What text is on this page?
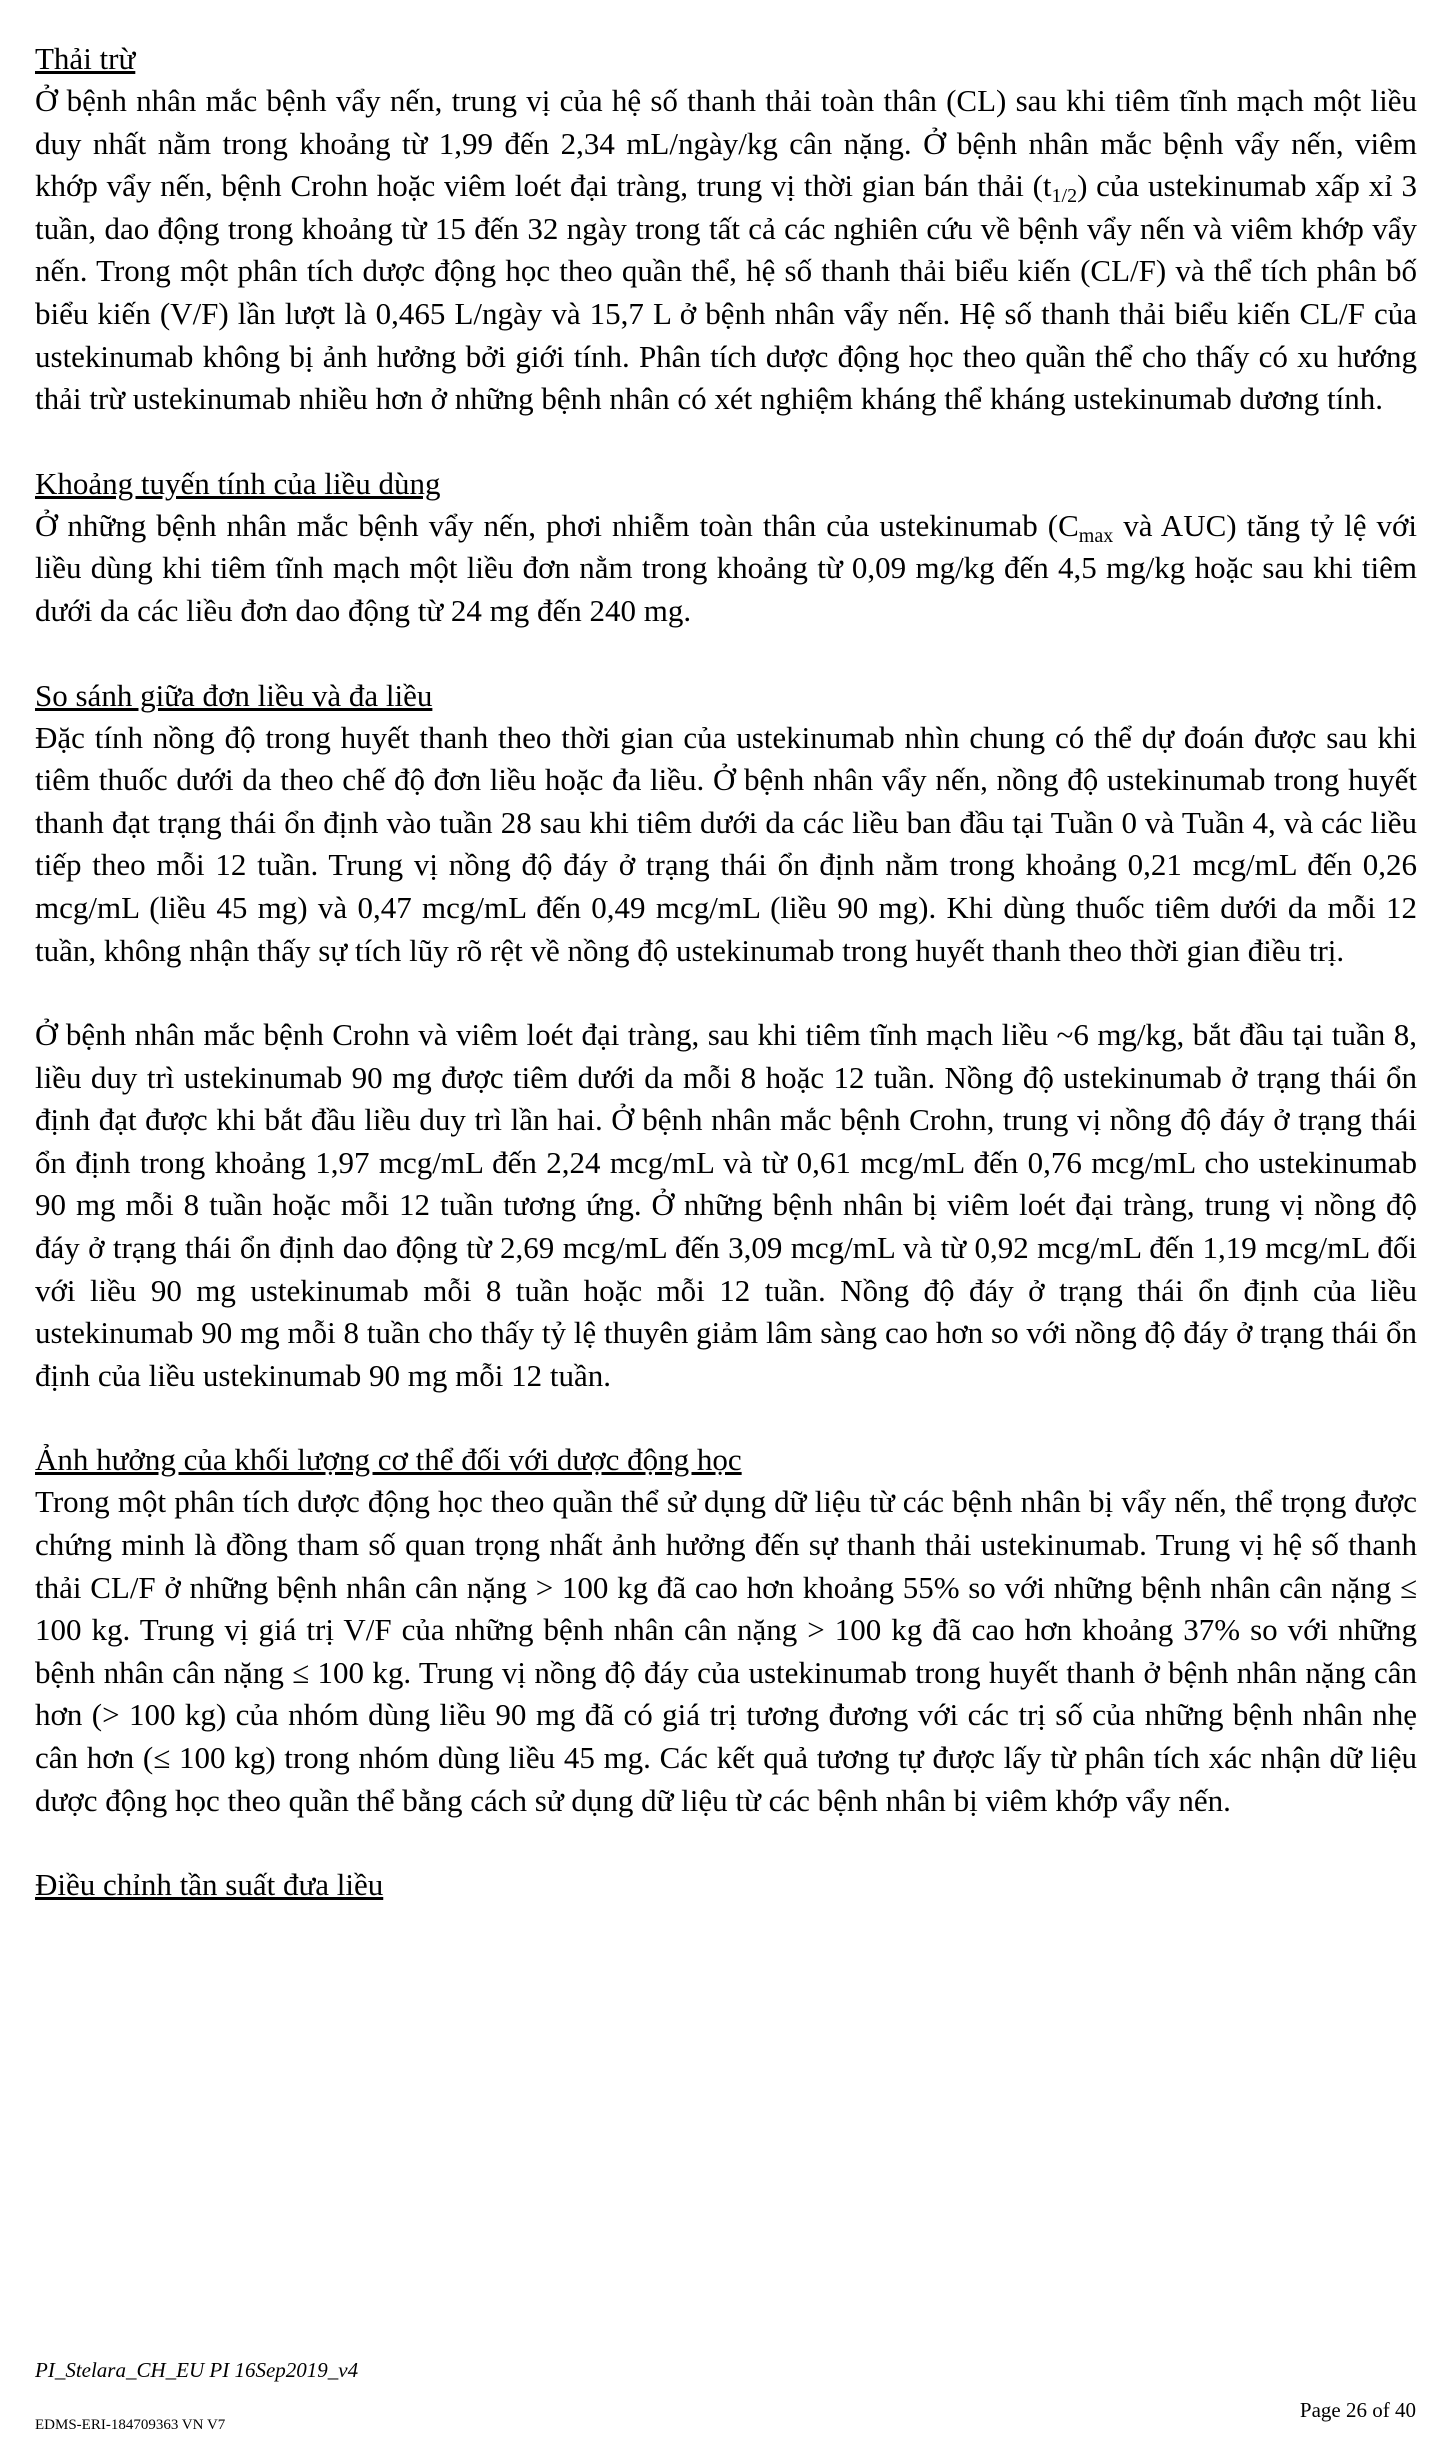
Thải trừ

Ở bệnh nhân mắc bệnh vẩy nến, trung vị của hệ số thanh thải toàn thân (CL) sau khi tiêm tĩnh mạch một liều duy nhất nằm trong khoảng từ 1,99 đến 2,34 mL/ngày/kg cân nặng. Ở bệnh nhân mắc bệnh vẩy nến, viêm khớp vẩy nến, bệnh Crohn hoặc viêm loét đại tràng, trung vị thời gian bán thải $(t_{1/2})$ của ustekinumab xấp xỉ 3 tuần, dao động trong khoảng từ 15 đến 32 ngày trong tất cả các nghiên cứu về bệnh vẩy nến và viêm khớp vẩy nến. Trong một phân tích dược động học theo quần thể, hệ số thanh thải biểu kiến (CL/F) và thể tích phân bố biểu kiến (V/F) lần lượt là 0,465 L/ngày và 15,7 L ở bệnh nhân vẩy nến. Hệ số thanh thải biểu kiến CL/F của ustekinumab không bị ảnh hưởng bởi giới tính. Phân tích dược động học theo quần thể cho thấy có xu hướng thải trừ ustekinumab nhiều hơn ở những bệnh nhân có xét nghiệm kháng thể kháng ustekinumab dương tính.

Khoảng tuyến tính của liều dùng

Ở những bệnh nhân mắc bệnh vẩy nến, phơi nhiễm toàn thân của ustekinumab ($C_{max}$ và AUC) tăng tỷ lệ với liều dùng khi tiêm tĩnh mạch một liều đơn nằm trong khoảng từ 0,09 mg/kg đến 4,5 mg/kg hoặc sau khi tiêm dưới da các liều đơn dao động từ 24 mg đến 240 mg.

So sánh giữa đơn liều và đa liều

Đặc tính nồng độ trong huyết thanh theo thời gian của ustekinumab nhìn chung có thể dự đoán được sau khi tiêm thuốc dưới da theo chế độ đơn liều hoặc đa liều. Ở bệnh nhân vẩy nến, nồng độ ustekinumab trong huyết thanh đạt trạng thái ổn định vào tuần 28 sau khi tiêm dưới da các liều ban đầu tại Tuần 0 và Tuần 4, và các liều tiếp theo mỗi 12 tuần. Trung vị nồng độ đáy ở trạng thái ổn định nằm trong khoảng 0,21 mcg/mL đến 0,26 mcg/mL (liều 45 mg) và 0,47 mcg/mL đến 0,49 mcg/mL (liều 90 mg). Khi dùng thuốc tiêm dưới da mỗi 12 tuần, không nhận thấy sự tích lũy rõ rệt về nồng độ ustekinumab trong huyết thanh theo thời gian điều trị.

Ở bệnh nhân mắc bệnh Crohn và viêm loét đại tràng, sau khi tiêm tĩnh mạch liều ~6 mg/kg, bắt đầu tại tuần 8, liều duy trì ustekinumab 90 mg được tiêm dưới da mỗi 8 hoặc 12 tuần. Nồng độ ustekinumab ở trạng thái ổn định đạt được khi bắt đầu liều duy trì lần hai. Ở bệnh nhân mắc bệnh Crohn, trung vị nồng độ đáy ở trạng thái ổn định trong khoảng 1,97 mcg/mL đến 2,24 mcg/mL và từ 0,61 mcg/mL đến 0,76 mcg/mL cho ustekinumab 90 mg mỗi 8 tuần hoặc mỗi 12 tuần tương ứng. Ở những bệnh nhân bị viêm loét đại tràng, trung vị nồng độ đáy ở trạng thái ổn định dao động từ 2,69 mcg/mL đến 3,09 mcg/mL và từ 0,92 mcg/mL đến 1,19 mcg/mL đối với liều 90 mg ustekinumab mỗi 8 tuần hoặc mỗi 12 tuần. Nồng độ đáy ở trạng thái ổn định của liều ustekinumab 90 mg mỗi 8 tuần cho thấy tỷ lệ thuyên giảm lâm sàng cao hơn so với nồng độ đáy ở trạng thái ổn định của liều ustekinumab 90 mg mỗi 12 tuần.

Ảnh hưởng của khối lượng cơ thể đối với dược động học

Trong một phân tích dược động học theo quần thể sử dụng dữ liệu từ các bệnh nhân bị vẩy nến, thể trọng được chứng minh là đồng tham số quan trọng nhất ảnh hưởng đến sự thanh thải ustekinumab. Trung vị hệ số thanh thải CL/F ở những bệnh nhân cân nặng > 100 kg đã cao hơn khoảng 55% so với những bệnh nhân cân nặng ≤ 100 kg. Trung vị giá trị V/F của những bệnh nhân cân nặng > 100 kg đã cao hơn khoảng 37% so với những bệnh nhân cân nặng ≤ 100 kg. Trung vị nồng độ đáy của ustekinumab trong huyết thanh ở bệnh nhân nặng cân hơn (> 100 kg) của nhóm dùng liều 90 mg đã có giá trị tương đương với các trị số của những bệnh nhân nhẹ cân hơn (≤ 100 kg) trong nhóm dùng liều 45 mg. Các kết quả tương tự được lấy từ phân tích xác nhận dữ liệu dược động học theo quần thể bằng cách sử dụng dữ liệu từ các bệnh nhân bị viêm khớp vẩy nến.

Điều chỉnh tần suất đưa liều

PI_Stelara_CH_EU PI 16Sep2019_v4
Page 26 of 40
EDMS-ERI-184709363 VN V7
